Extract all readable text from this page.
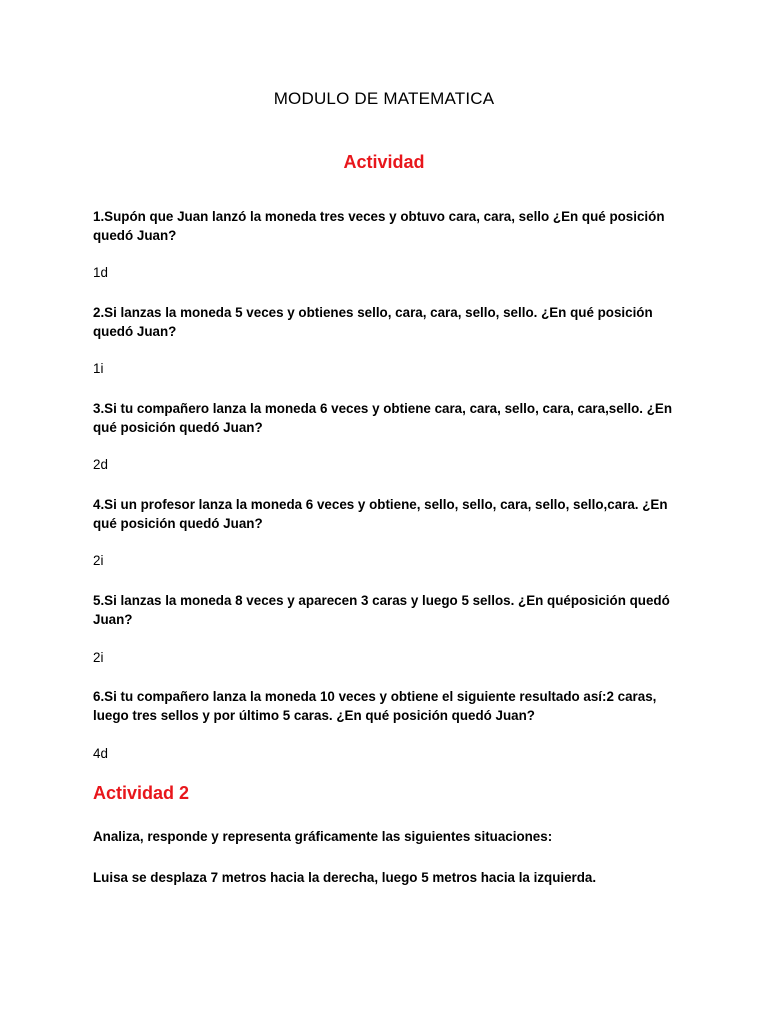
MODULO DE MATEMATICA
Actividad
1.Supón que Juan lanzó la moneda tres veces y obtuvo cara, cara, sello ¿En qué posición quedó Juan?
1d
2.Si lanzas la moneda 5 veces y obtienes sello, cara, cara, sello, sello. ¿En qué posición quedó Juan?
1i
3.Si tu compañero lanza la moneda 6 veces y obtiene cara, cara, sello, cara, cara,sello. ¿En qué posición quedó Juan?
2d
4.Si un profesor lanza la moneda 6 veces y obtiene, sello, sello, cara, sello, sello,cara. ¿En qué posición quedó Juan?
2i
5.Si lanzas la moneda 8 veces y aparecen 3 caras y luego 5 sellos. ¿En quéposición quedó Juan?
2i
6.Si tu compañero lanza la moneda 10 veces y obtiene el siguiente resultado así:2 caras, luego tres sellos y por último 5 caras. ¿En qué posición quedó Juan?
4d
Actividad 2
Analiza, responde y representa gráficamente las siguientes situaciones:
Luisa se desplaza 7 metros hacia la derecha, luego 5 metros hacia la izquierda.
